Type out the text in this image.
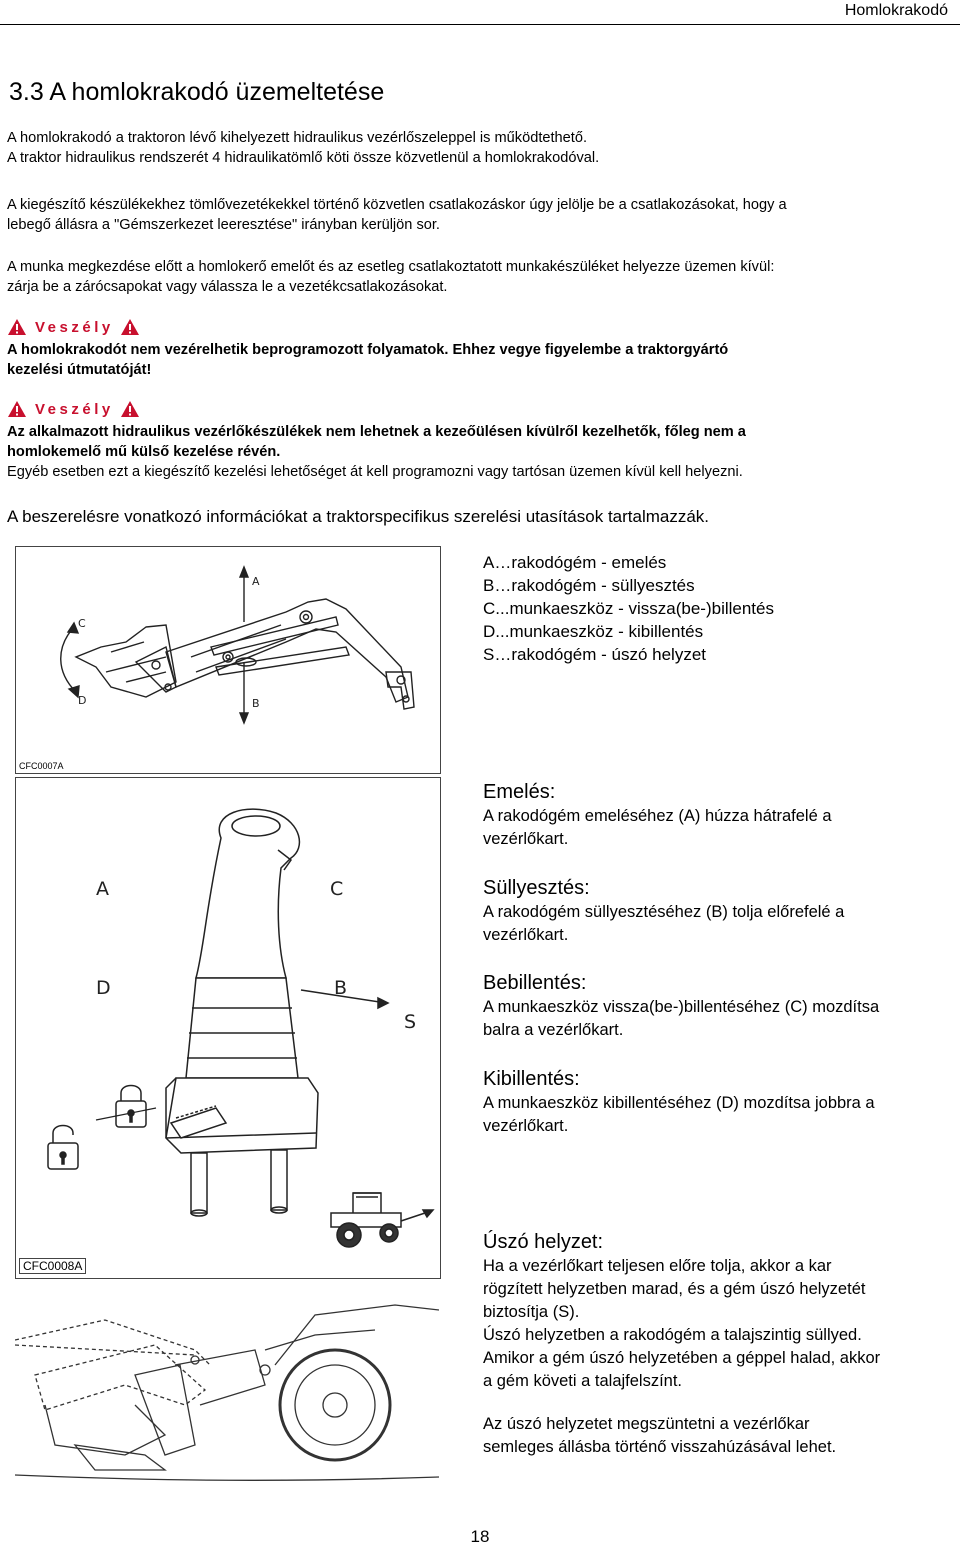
Homlokrakodó
3.3 A homlokrakodó üzemeltetése
A homlokrakodó a traktoron lévő kihelyezett hidraulikus vezérlőszeleppel is működtethető.
A traktor hidraulikus rendszerét 4 hidraulikatömlő köti össze közvetlenül a homlokrakodóval.
A kiegészítő készülékekhez tömlővezetékekkel történő közvetlen csatlakozáskor úgy jelölje be a csatlakozásokat, hogy a
lebegő állásra a "Gémszerkezet leeresztése" irányban kerüljön sor.
A munka megkezdése előtt a homlokerő emelőt és az esetleg csatlakoztatott munkakészüléket helyezze üzemen kívül:
zárja be a zárócsapokat vagy válassza le a vezetékcsatlakozásokat.
Veszély
A homlokrakodót nem vezérelhetik beprogramozott folyamatok. Ehhez vegye figyelembe a traktorgyártó
kezelési útmutatóját!
Veszély
Az alkalmazott hidraulikus vezérlőkészülékek nem lehetnek a kezeőülésen kívülről kezelhetők, főleg nem a
homlokemelő mű külső kezelése révén.
Egyéb esetben ezt a kiegészítő kezelési lehetőséget át kell programozni vagy tartósan üzemen kívül kell helyezni.
A beszerelésre vonatkozó információkat a traktorspecifikus szerelési utasítások tartalmazzák.
A
B
C
D
CFC0007A
A…rakodógém - emelés
B…rakodógém - süllyesztés
C...munkaeszköz - vissza(be-)billentés
D...munkaeszköz - kibillentés
S…rakodógém - úszó helyzet
A	C
D	B
S
CFC0008A
Emelés:
A rakodógém emeléséhez (A) húzza hátrafelé a
vezérlőkart.
Süllyesztés:
A rakodógém süllyesztéséhez (B) tolja előrefelé a
vezérlőkart.
Bebillentés:
A munkaeszköz vissza(be-)billentéséhez (C) mozdítsa
balra a vezérlőkart.
Kibillentés:
A munkaeszköz kibillentéséhez (D) mozdítsa jobbra a
vezérlőkart.
Úszó helyzet:
Ha a vezérlőkart teljesen előre tolja, akkor a kar
rögzített helyzetben marad, és a gém úszó helyzetét
biztosítja (S).
Úszó helyzetben a rakodógém a talajszintig süllyed.
Amikor a gém úszó helyzetében a géppel halad, akkor
a gém követi a talajfelszínt.
Az úszó helyzetet megszüntetni a vezérlőkar
semleges állásba történő visszahúzásával lehet.
18
